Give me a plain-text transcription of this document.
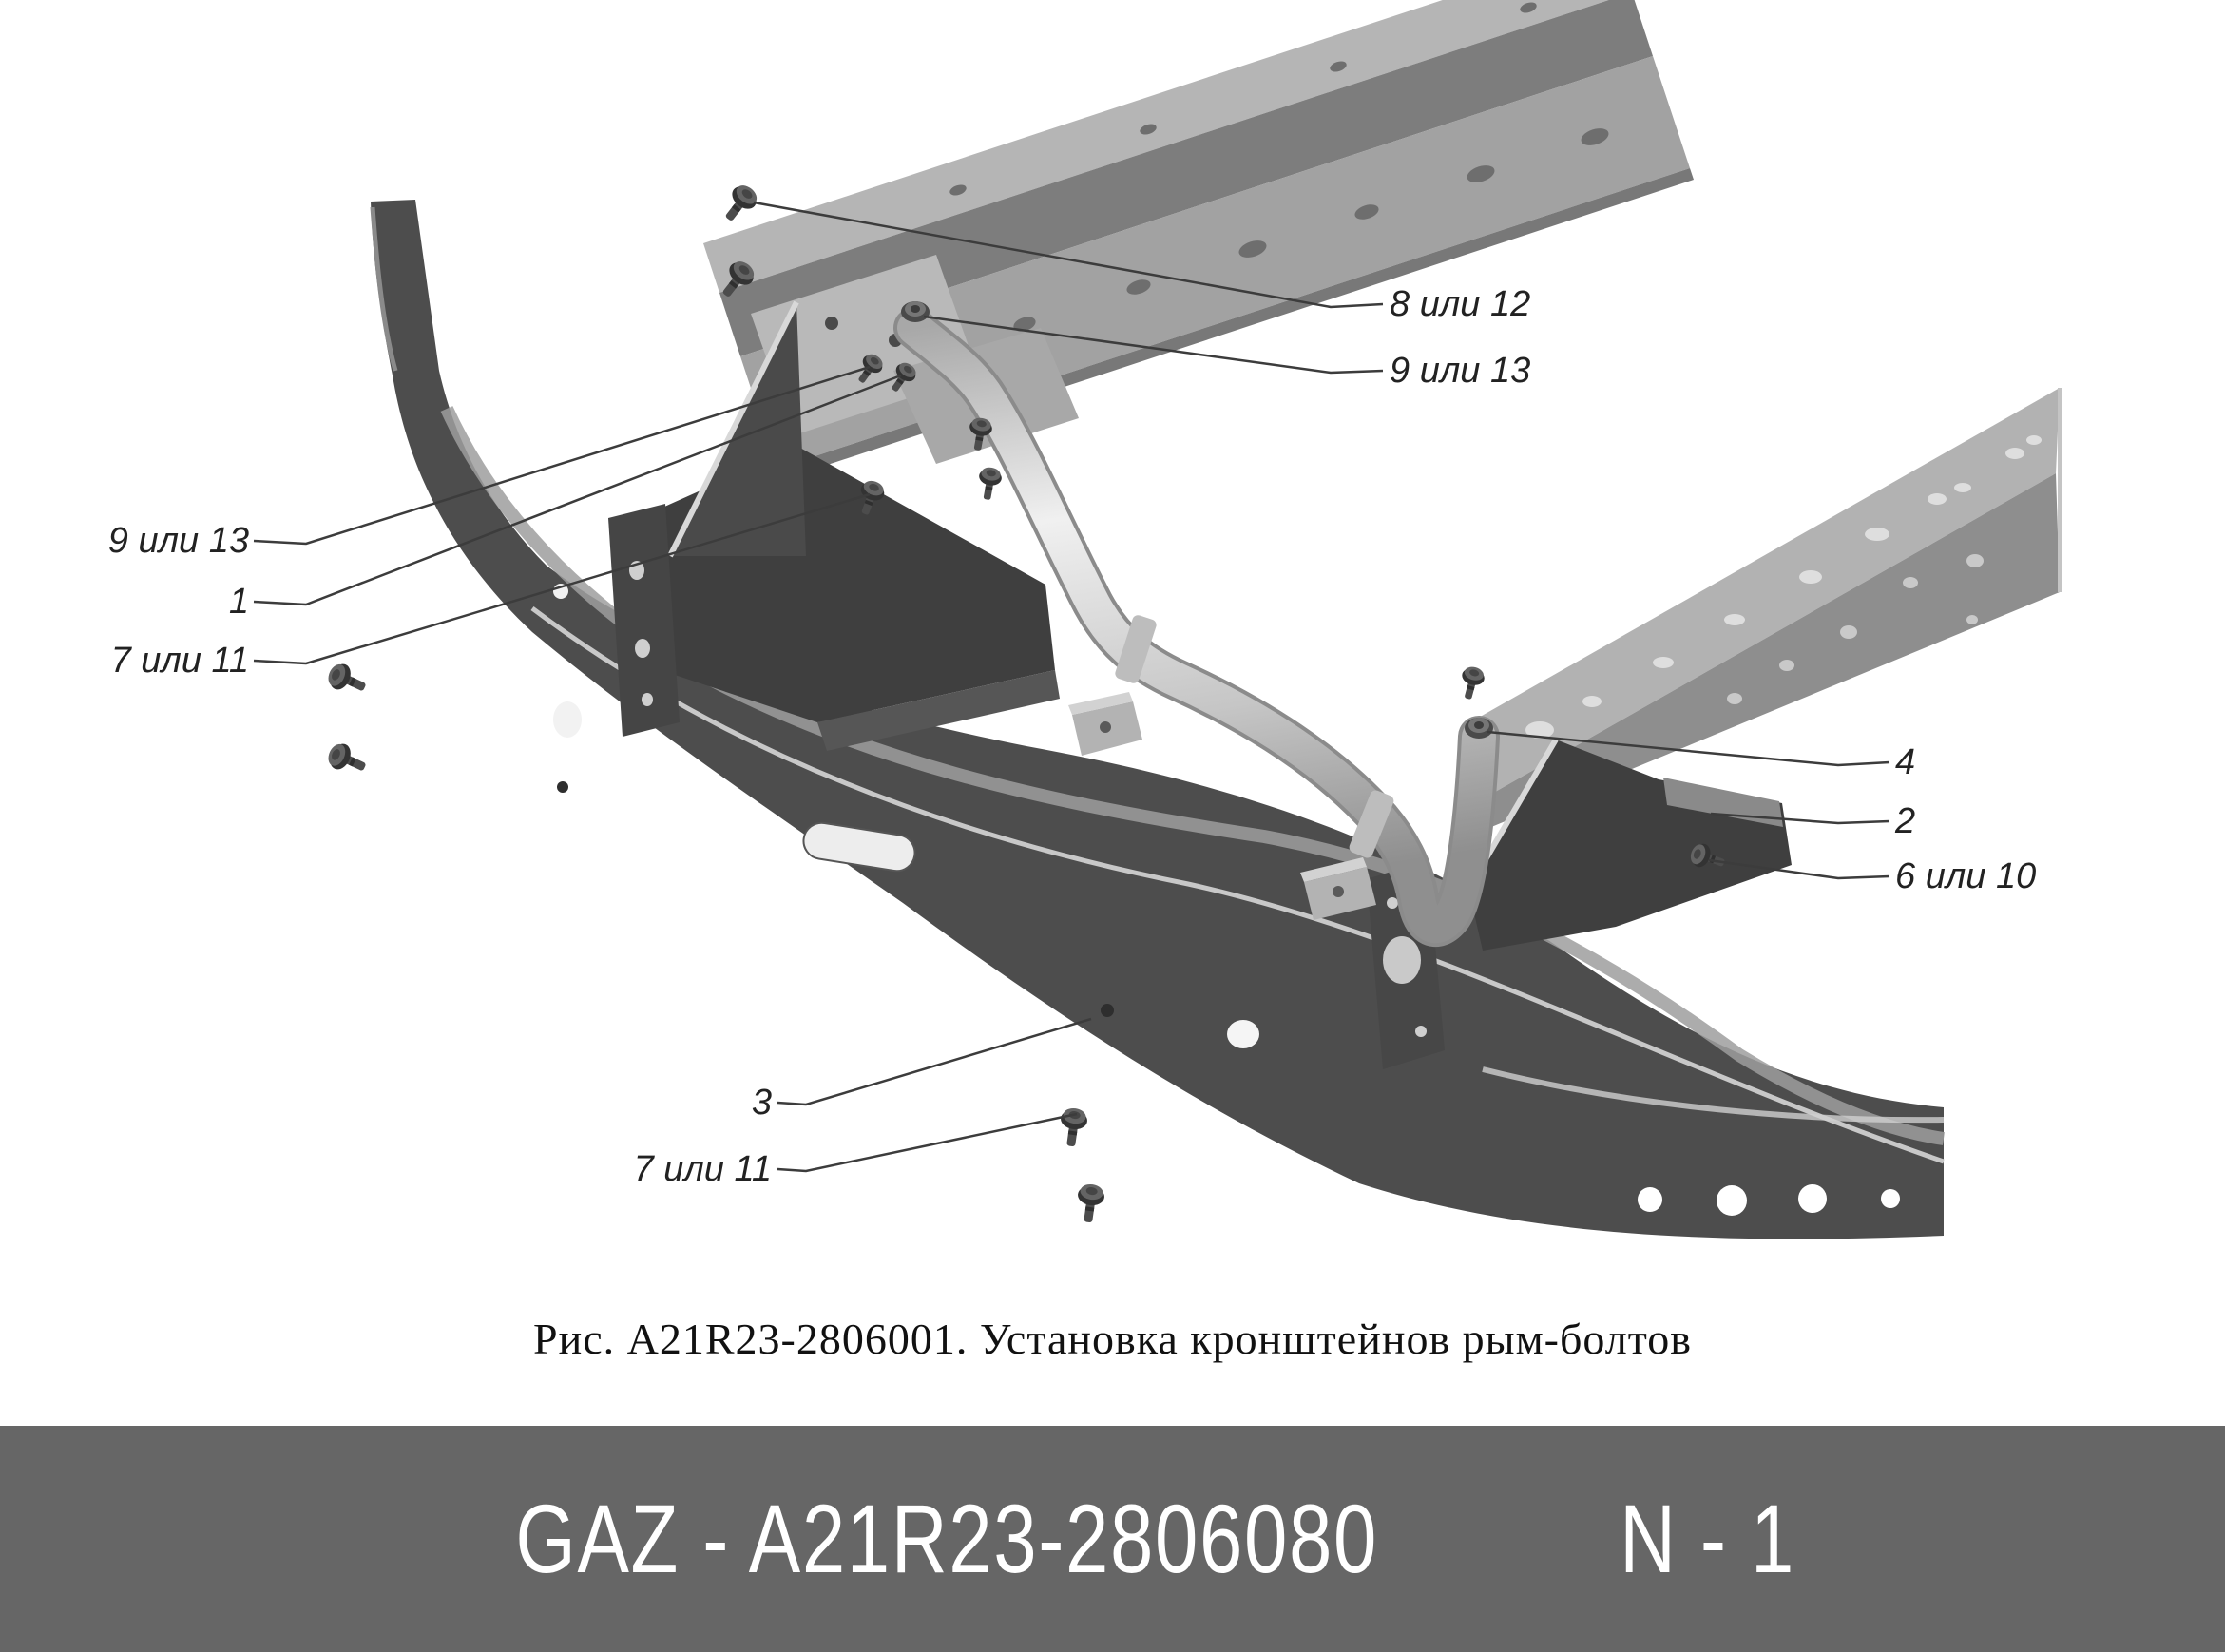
8 или 12
9 или 13
9 или 13
1
7 или 11
4
2
6 или 10
3
7 или 11
Рис. А21R23-2806001. Установка кронштейнов рым-болтов
GAZ - A21R23-2806080 N - 1
